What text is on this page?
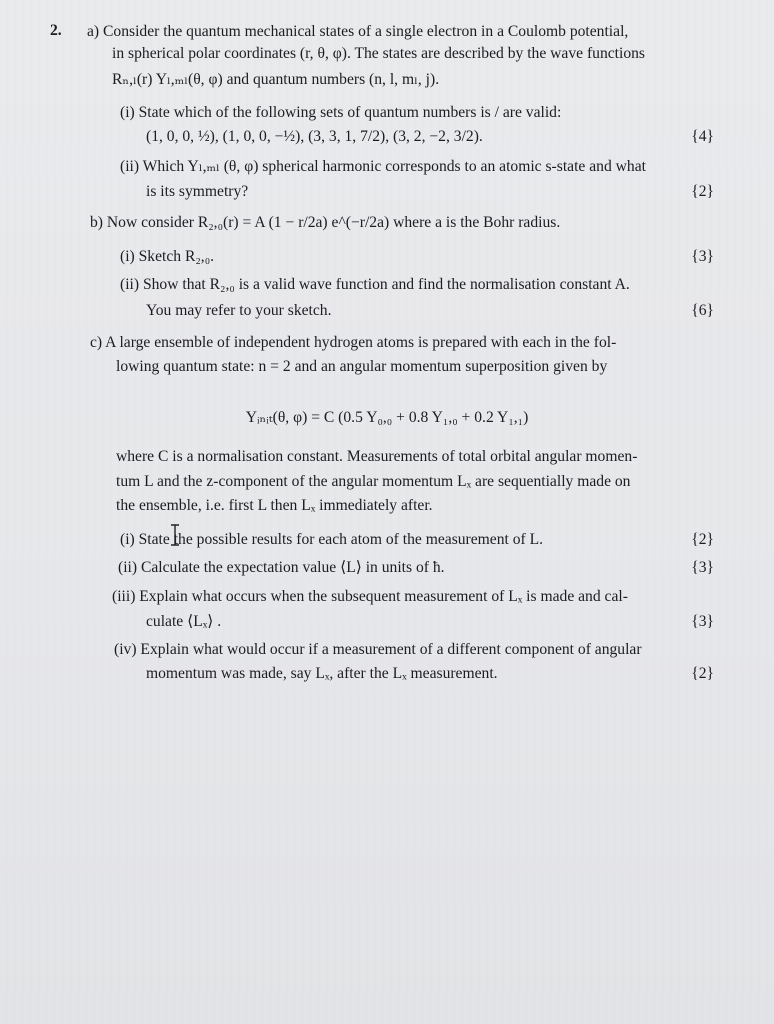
2. a) Consider the quantum mechanical states of a single electron in a Coulomb potential,
in spherical polar coordinates (r, θ, φ). The states are described by the wave functions
Rₙ,ₗ(r) Yₗ,ₘₗ(θ, φ) and quantum numbers (n, l, mₗ, j).
(i) State which of the following sets of quantum numbers is / are valid:
(1, 0, 0, ½), (1, 0, 0, −½), (3, 3, 1, 7/2), (3, 2, −2, 3/2).	{4}
(ii) Which Yₗ,ₘₗ (θ, φ) spherical harmonic corresponds to an atomic s-state and what
is its symmetry?	{2}
b) Now consider R₂,₀(r) = A (1 − r/2a) e^(−r/2a) where a is the Bohr radius.
(i) Sketch R₂,₀.	{3}
(ii) Show that R₂,₀ is a valid wave function and find the normalisation constant A.
You may refer to your sketch.	{6}
c) A large ensemble of independent hydrogen atoms is prepared with each in the fol-
lowing quantum state: n = 2 and an angular momentum superposition given by
Yᵢₙᵢₜ(θ, φ) = C (0.5 Y₀,₀ + 0.8 Y₁,₀ + 0.2 Y₁,₁)
where C is a normalisation constant. Measurements of total orbital angular momen-
tum L and the z-component of the angular momentum Lₓ are sequentially made on
the ensemble, i.e. first L then Lₓ immediately after.
(i) State the possible results for each atom of the measurement of L.	{2}
(ii) Calculate the expectation value ⟨L⟩ in units of ħ.	{3}
(iii) Explain what occurs when the subsequent measurement of Lₓ is made and cal-
culate ⟨Lₓ⟩ .	{3}
(iv) Explain what would occur if a measurement of a different component of angular
momentum was made, say Lₓ, after the Lₓ measurement.	{2}
